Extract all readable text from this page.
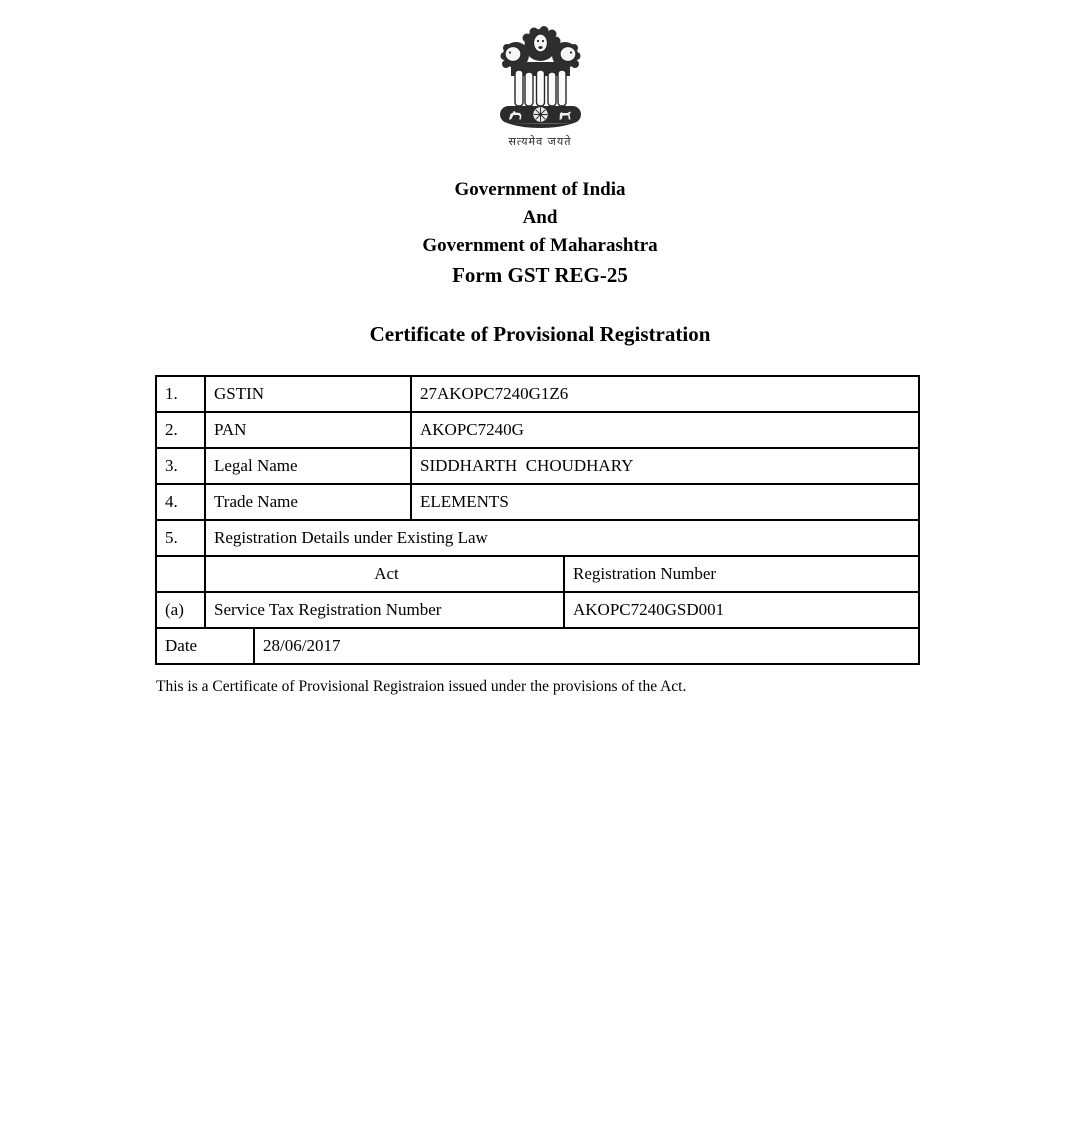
सत्यमेव जयते
Government of India
And
Government of Maharashtra
Form GST REG-25
Certificate of Provisional Registration
1.	GSTIN		27AKOPC7240G1Z6	
2.	PAN		AKOPC7240G	
3.	Legal Name		SIDDHARTH  CHOUDHARY	
4.	Trade Name		ELEMENTS	
5.	Registration Details under Existing Law			
	Act			Registration Number
(a)	Service Tax Registration Number			AKOPC7240GSD001
Date		28/06/2017		
This is a Certificate of Provisional Registraion issued under the provisions of the Act.
